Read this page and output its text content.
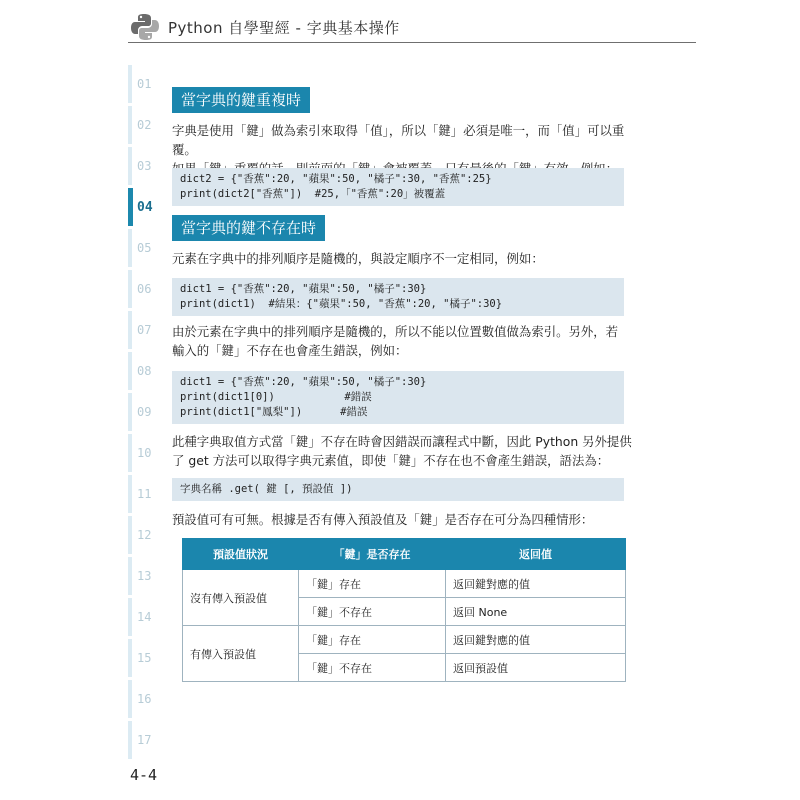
Python 自學聖經 - 字典基本操作
01
02
03
04
05
06
07
08
09
10
11
12
13
14
15
16
17
4-4
當字典的鍵重複時
字典是使用「鍵」做為索引來取得「值」，所以「鍵」必須是唯一，而「值」可以重覆。
dict2 = {"香蕉":20, "蘋果":50, "橘子":30, "香蕉":25}
print(dict2["香蕉"])  #25,「"香蕉":20」被覆蓋
當字典的鍵不存在時
元素在字典中的排列順序是隨機的，與設定順序不一定相同，例如：
dict1 = {"香蕉":20, "蘋果":50, "橘子":30}
print(dict1)  #結果：{"蘋果":50, "香蕉":20, "橘子":30}
由於元素在字典中的排列順序是隨機的，所以不能以位置數值做為索引。另外，若
輸入的「鍵」不存在也會產生錯誤，例如：
dict1 = {"香蕉":20, "蘋果":50, "橘子":30}
print(dict1[0])           #錯誤
print(dict1["鳳梨"])      #錯誤
此種字典取值方式當「鍵」不存在時會因錯誤而讓程式中斷，因此 Python 另外提供
了 get 方法可以取得字典元素值，即使「鍵」不存在也不會產生錯誤，語法為：
字典名稱 .get( 鍵 [, 預設值 ])
預設值可有可無。根據是否有傳入預設值及「鍵」是否存在可分為四種情形：
預設值狀況	「鍵」是否存在	返回值
沒有傳入預設值	「鍵」存在	返回鍵對應的值
	「鍵」不存在	返回 None
有傳入預設值	「鍵」存在	返回鍵對應的值
	「鍵」不存在	返回預設值
